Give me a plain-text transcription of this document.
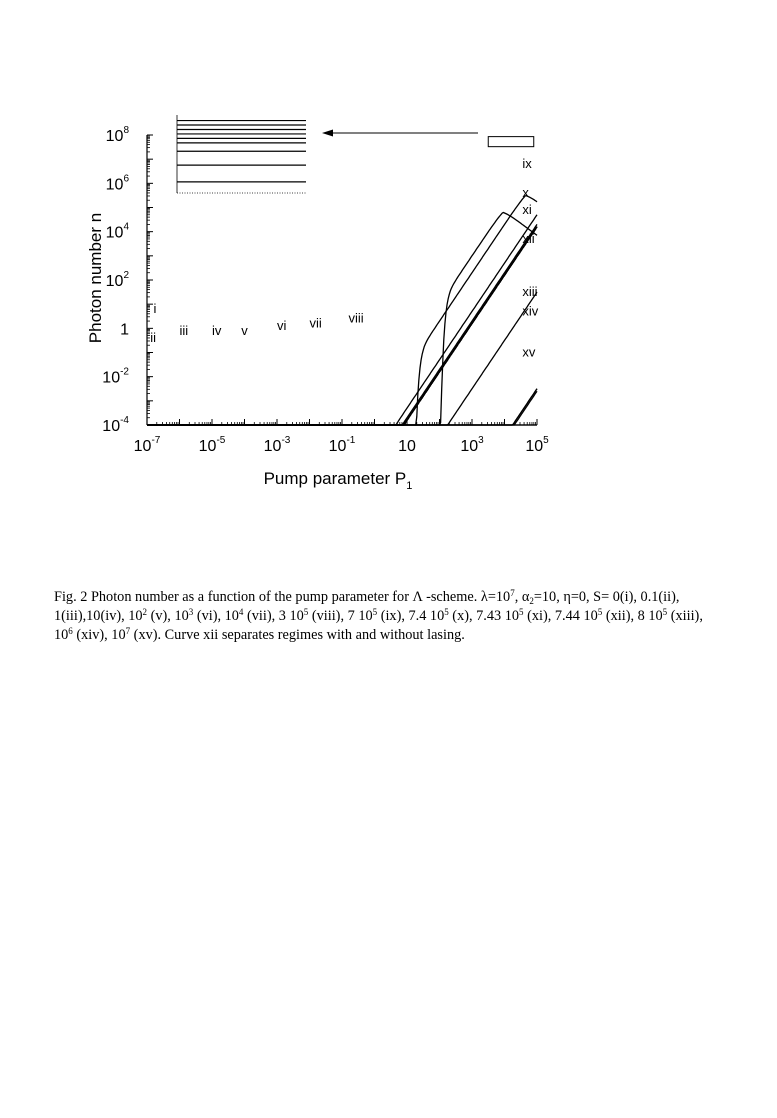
$10^{-7}$ $10^{-5}$ $10^{-3}$ $10^{-1}$	10	$10^3$	$10^5$
$10^{-4}$
$10^{-2}$
1
$10^2$
$10^4$
$10^6$
$10^8$
i
ii iii iv v vi vii viii
ix
x
xi
xii
xiii
xiv
xv
Photon number n
Pump parameter $P_1$
Fig. 2 Photon number as a function of the pump parameter for Λ -scheme. $\lambda=10^7$, $\alpha_2=10$, η=0, S= 0(i), 0.1(ii), 1(iii),10(iv), $10^2$ (v), $10^3$ (vi), $10^4$ (vii), 3 $10^5$ (viii), 7 $10^5$ (ix), 7.4 $10^5$ (x), 7.43 $10^5$ (xi), 7.44 $10^5$ (xii), 8 $10^5$ (xiii), $10^6$ (xiv), $10^7$ (xv). Curve xii separates regimes with and without lasing.
